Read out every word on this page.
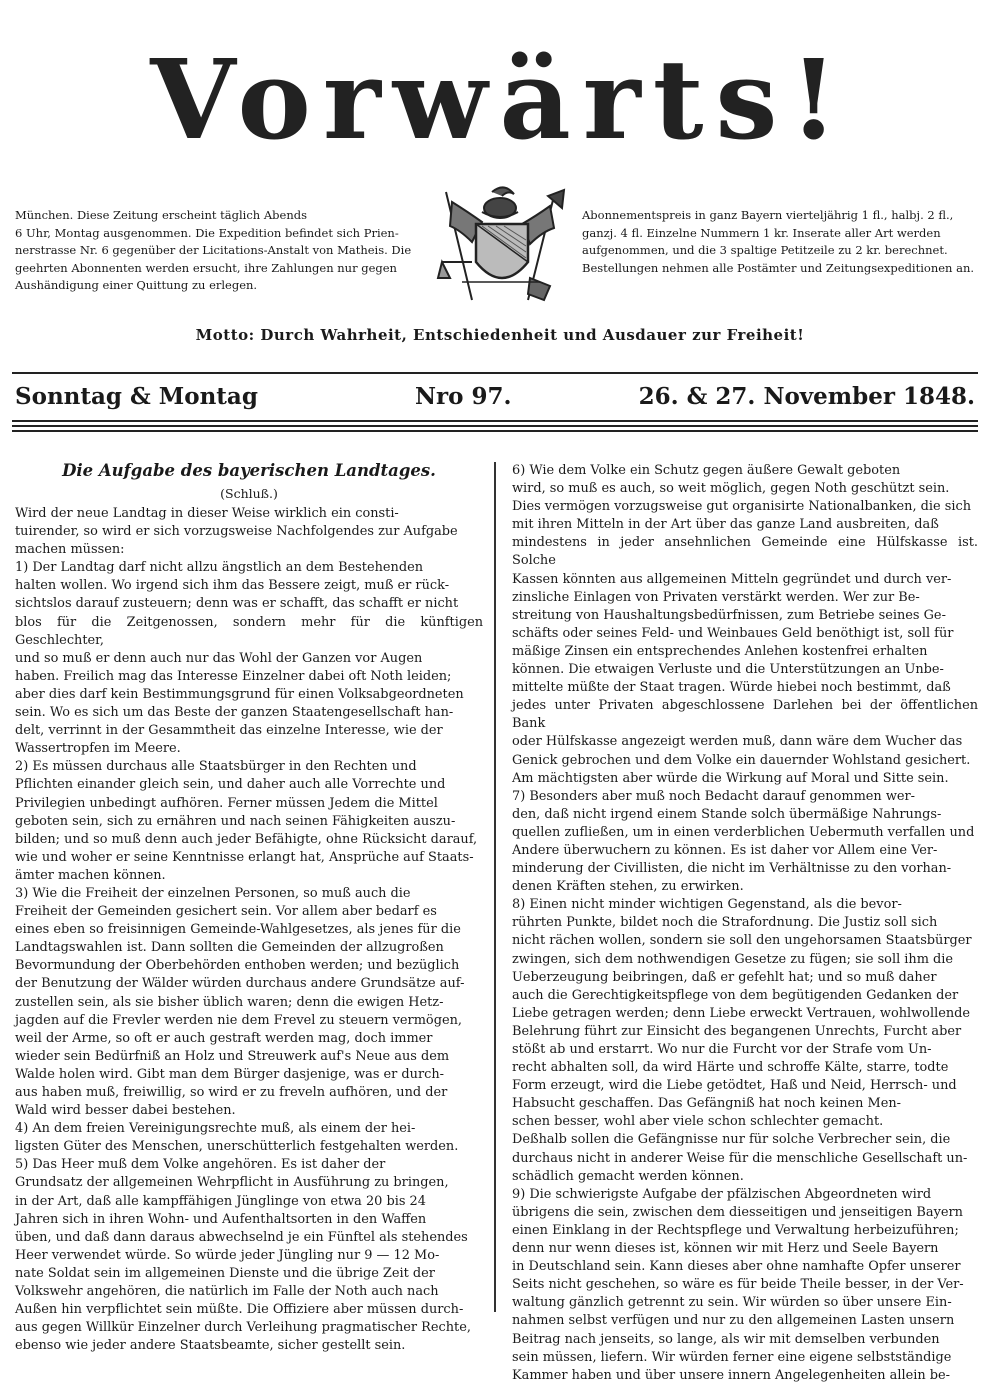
Vorwärts!
München. Diese Zeitung erscheint täglich Abends
6 Uhr, Montag ausgenommen. Die Expedition befindet sich Prien-
nerstrasse Nr. 6 gegenüber der Licitations-Anstalt von Matheis. Die
geehrten Abonnenten werden ersucht, ihre Zahlungen nur gegen
Aushändigung einer Quittung zu erlegen.
Abonnementspreis in ganz Bayern vierteljährig 1 fl., halbj. 2 fl.,
ganzj. 4 fl. Einzelne Nummern 1 kr. Inserate aller Art werden
aufgenommen, und die 3 spaltige Petitzeile zu 2 kr. berechnet.
Bestellungen nehmen alle Postämter und Zeitungsexpeditionen an.
Motto: Durch Wahrheit, Entschiedenheit und Ausdauer zur Freiheit!
Sonntag & Montag	Nro 97.	26. & 27. November 1848.
Die Aufgabe des bayerischen Landtages.
(Schluß.)

Wird der neue Landtag in dieser Weise wirklich ein consti-
tuirender, so wird er sich vorzugsweise Nachfolgendes zur Aufgabe
machen müssen:

1) Der Landtag darf nicht allzu ängstlich an dem Bestehenden
halten wollen. Wo irgend sich ihm das Bessere zeigt, muß er rück-
sichtslos darauf zusteuern; denn was er schafft, das schafft er nicht
blos für die Zeitgenossen, sondern mehr für die künftigen Geschlechter,
und so muß er denn auch nur das Wohl der Ganzen vor Augen
haben. Freilich mag das Interesse Einzelner dabei oft Noth leiden;
aber dies darf kein Bestimmungsgrund für einen Volksabgeordneten
sein. Wo es sich um das Beste der ganzen Staatengesellschaft han-
delt, verrinnt in der Gesammtheit das einzelne Interesse, wie der
Wassertropfen im Meere.

2) Es müssen durchaus alle Staatsbürger in den Rechten und
Pflichten einander gleich sein, und daher auch alle Vorrechte und
Privilegien unbedingt aufhören. Ferner müssen Jedem die Mittel
geboten sein, sich zu ernähren und nach seinen Fähigkeiten auszu-
bilden; und so muß denn auch jeder Befähigte, ohne Rücksicht darauf,
wie und woher er seine Kenntnisse erlangt hat, Ansprüche auf Staats-
ämter machen können.

3) Wie die Freiheit der einzelnen Personen, so muß auch die
Freiheit der Gemeinden gesichert sein. Vor allem aber bedarf es
eines eben so freisinnigen Gemeinde-Wahlgesetzes, als jenes für die
Landtagswahlen ist. Dann sollten die Gemeinden der allzugroßen
Bevormundung der Oberbehörden enthoben werden; und bezüglich
der Benutzung der Wälder würden durchaus andere Grundsätze auf-
zustellen sein, als sie bisher üblich waren; denn die ewigen Hetz-
jagden auf die Frevler werden nie dem Frevel zu steuern vermögen,
weil der Arme, so oft er auch gestraft werden mag, doch immer
wieder sein Bedürfniß an Holz und Streuwerk auf's Neue aus dem
Walde holen wird. Gibt man dem Bürger dasjenige, was er durch-
aus haben muß, freiwillig, so wird er zu freveln aufhören, und der
Wald wird besser dabei bestehen.

4) An dem freien Vereinigungsrechte muß, als einem der hei-
ligsten Güter des Menschen, unerschütterlich festgehalten werden.

5) Das Heer muß dem Volke angehören. Es ist daher der
Grundsatz der allgemeinen Wehrpflicht in Ausführung zu bringen,
in der Art, daß alle kampffähigen Jünglinge von etwa 20 bis 24
Jahren sich in ihren Wohn- und Aufenthaltsorten in den Waffen
üben, und daß dann daraus abwechselnd je ein Fünftel als stehendes
Heer verwendet würde. So würde jeder Jüngling nur 9 — 12 Mo-
nate Soldat sein im allgemeinen Dienste und die übrige Zeit der
Volkswehr angehören, die natürlich im Falle der Noth auch nach
Außen hin verpflichtet sein müßte. Die Offiziere aber müssen durch-
aus gegen Willkür Einzelner durch Verleihung pragmatischer Rechte,
ebenso wie jeder andere Staatsbeamte, sicher gestellt sein.

6) Wie dem Volke ein Schutz gegen äußere Gewalt geboten
wird, so muß es auch, so weit möglich, gegen Noth geschützt sein.
Dies vermögen vorzugsweise gut organisirte Nationalbanken, die sich
mit ihren Mitteln in der Art über das ganze Land ausbreiten, daß
mindestens in jeder ansehnlichen Gemeinde eine Hülfskasse ist. Solche
Kassen könnten aus allgemeinen Mitteln gegründet und durch ver-
zinsliche Einlagen von Privaten verstärkt werden. Wer zur Be-
streitung von Haushaltungsbedürfnissen, zum Betriebe seines Ge-
schäfts oder seines Feld- und Weinbaues Geld benöthigt ist, soll für
mäßige Zinsen ein entsprechendes Anlehen kostenfrei erhalten
können. Die etwaigen Verluste und die Unterstützungen an Unbe-
mittelte müßte der Staat tragen. Würde hiebei noch bestimmt, daß
jedes unter Privaten abgeschlossene Darlehen bei der öffentlichen Bank
oder Hülfskasse angezeigt werden muß, dann wäre dem Wucher das
Genick gebrochen und dem Volke ein dauernder Wohlstand gesichert.
Am mächtigsten aber würde die Wirkung auf Moral und Sitte sein.

7) Besonders aber muß noch Bedacht darauf genommen wer-
den, daß nicht irgend einem Stande solch übermäßige Nahrungs-
quellen zufließen, um in einen verderblichen Uebermuth verfallen und
Andere überwuchern zu können. Es ist daher vor Allem eine Ver-
minderung der Civillisten, die nicht im Verhältnisse zu den vorhan-
denen Kräften stehen, zu erwirken.

8) Einen nicht minder wichtigen Gegenstand, als die bevor-
rührten Punkte, bildet noch die Strafordnung. Die Justiz soll sich
nicht rächen wollen, sondern sie soll den ungehorsamen Staatsbürger
zwingen, sich dem nothwendigen Gesetze zu fügen; sie soll ihm die
Ueberzeugung beibringen, daß er gefehlt hat; und so muß daher
auch die Gerechtigkeitspflege von dem begütigenden Gedanken der
Liebe getragen werden; denn Liebe erweckt Vertrauen, wohlwollende
Belehrung führt zur Einsicht des begangenen Unrechts, Furcht aber
stößt ab und erstarrt. Wo nur die Furcht vor der Strafe vom Un-
recht abhalten soll, da wird Härte und schroffe Kälte, starre, todte
Form erzeugt, wird die Liebe getödtet, Haß und Neid, Herrsch- und
Habsucht geschaffen. Das Gefängniß hat noch keinen Men-
schen besser, wohl aber viele schon schlechter gemacht.
Deßhalb sollen die Gefängnisse nur für solche Verbrecher sein, die
durchaus nicht in anderer Weise für die menschliche Gesellschaft un-
schädlich gemacht werden können.

9) Die schwierigste Aufgabe der pfälzischen Abgeordneten wird
übrigens die sein, zwischen dem diesseitigen und jenseitigen Bayern
einen Einklang in der Rechtspflege und Verwaltung herbeizuführen;
denn nur wenn dieses ist, können wir mit Herz und Seele Bayern
in Deutschland sein. Kann dieses aber ohne namhafte Opfer unserer
Seits nicht geschehen, so wäre es für beide Theile besser, in der Ver-
waltung gänzlich getrennt zu sein. Wir würden so über unsere Ein-
nahmen selbst verfügen und nur zu den allgemeinen Lasten unsern
Beitrag nach jenseits, so lange, als wir mit demselben verbunden
sein müssen, liefern. Wir würden ferner eine eigene selbstständige
Kammer haben und über unsere innern Angelegenheiten allein be-
